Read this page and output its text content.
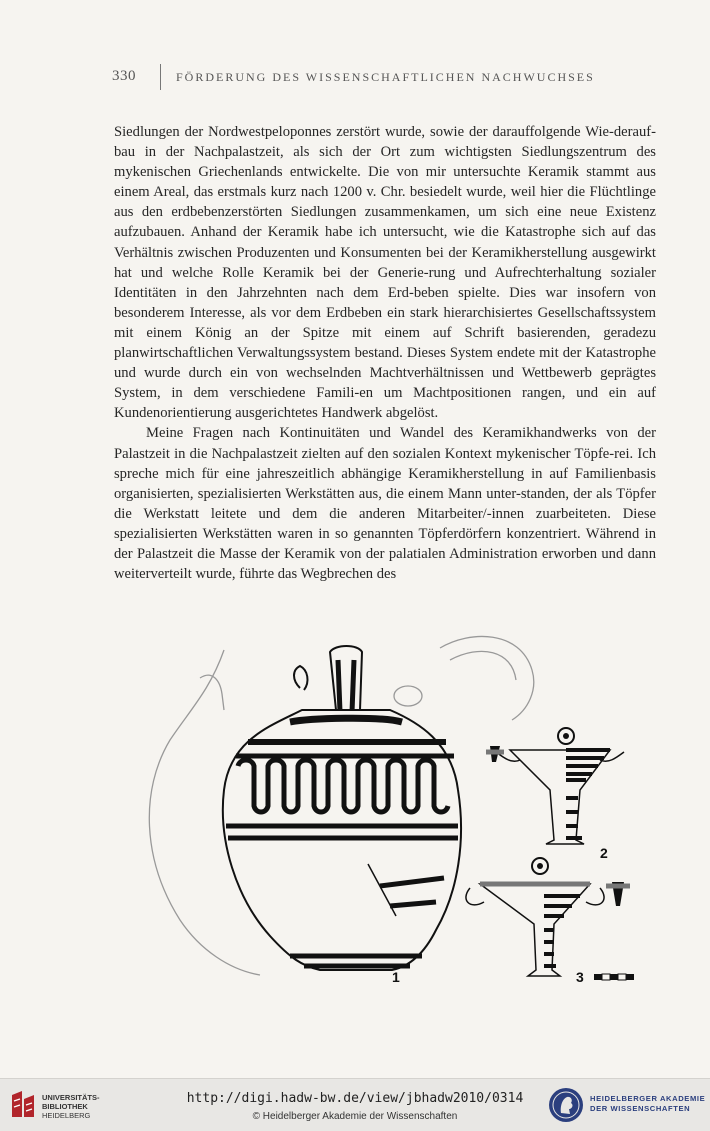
330	FÖRDERUNG DES WISSENSCHAFTLICHEN NACHWUCHSES

Siedlungen der Nordwestpeloponnes zerstört wurde, sowie der darauffolgende Wie-deraufbau in der Nachpalastzeit, als sich der Ort zum wichtigsten Siedlungszentrum des mykenischen Griechenlands entwickelte. Die von mir untersuchte Keramik stammt aus einem Areal, das erstmals kurz nach 1200 v. Chr. besiedelt wurde, weil hier die Flüchtlinge aus den erdbebenzerstörten Siedlungen zusammenkamen, um sich eine neue Existenz aufzubauen. Anhand der Keramik habe ich untersucht, wie die Katastrophe sich auf das Verhältnis zwischen Produzenten und Konsumenten bei der Keramikherstellung ausgewirkt hat und welche Rolle Keramik bei der Generie-rung und Aufrechterhaltung sozialer Identitäten in den Jahrzehnten nach dem Erd-beben spielte. Dies war insofern von besonderem Interesse, als vor dem Erdbeben ein stark hierarchisiertes Gesellschaftssystem mit einem König an der Spitze mit einem auf Schrift basierenden, geradezu planwirtschaftlichen Verwaltungssystem bestand. Dieses System endete mit der Katastrophe und wurde durch ein von wechselnden Machtverhältnissen und Wettbewerb geprägtes System, in dem verschiedene Famili-en um Machtpositionen rangen, und ein auf Kundenorientierung ausgerichtetes Handwerk abgelöst.

Meine Fragen nach Kontinuitäten und Wandel des Keramikhandwerks von der Palastzeit in die Nachpalastzeit zielten auf den sozialen Kontext mykenischer Töpfe-rei. Ich spreche mich für eine jahreszeitlich abhängige Keramikherstellung in auf Familienbasis organisierten, spezialisierten Werkstätten aus, die einem Mann unter-standen, der als Töpfer die Werkstatt leitete und dem die anderen Mitarbeiter/-innen zuarbeiteten. Diese spezialisierten Werkstätten waren in so genannten Töpferdörfern konzentriert. Während in der Palastzeit die Masse der Keramik von der palatialen Administration erworben und dann weiterverteilt wurde, führte das Wegbrechen des

1
2
3
UNIVERSITÄTS-
BIBLIOTHEK
HEIDELBERG
http://digi.hadw-bw.de/view/jbhadw2010/0314
© Heidelberger Akademie der Wissenschaften
HEIDELBERGER AKADEMIE
DER WISSENSCHAFTEN
